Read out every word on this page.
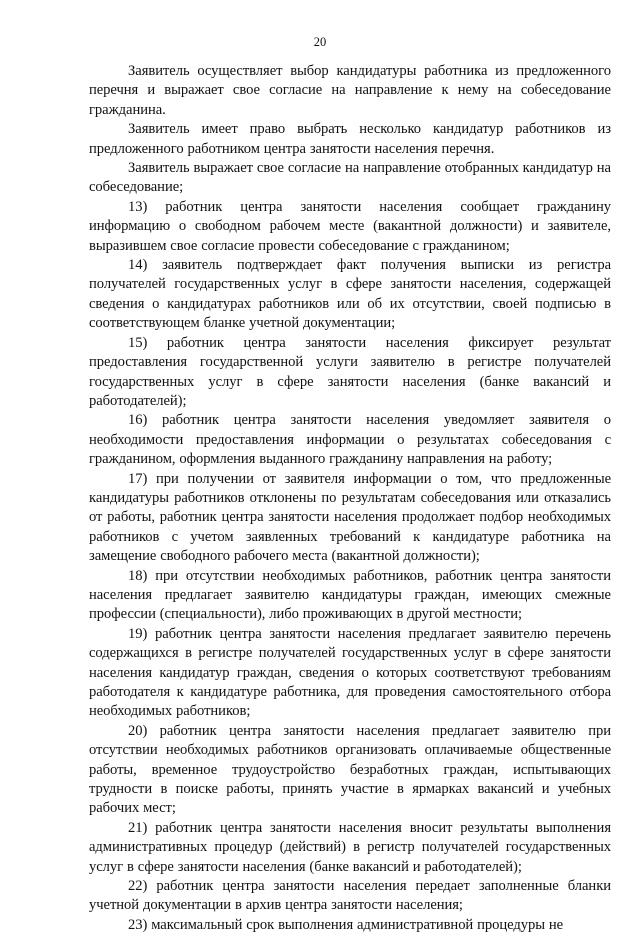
20

Заявитель осуществляет выбор кандидатуры работника из предложенного перечня и выражает свое согласие на направление к нему на собеседование гражданина.

Заявитель имеет право выбрать несколько кандидатур работников из предложенного работником центра занятости населения перечня.

Заявитель выражает свое согласие на направление отобранных кандидатур на собеседование;

13) работник центра занятости населения сообщает гражданину информацию о свободном рабочем месте (вакантной должности) и заявителе, выразившем свое согласие провести собеседование с гражданином;

14) заявитель подтверждает факт получения выписки из регистра получателей государственных услуг в сфере занятости населения, содержащей сведения о кандидатурах работников или об их отсутствии, своей подписью в соответствующем бланке учетной документации;

15) работник центра занятости населения фиксирует результат предоставления государственной услуги заявителю в регистре получателей государственных услуг в сфере занятости населения (банке вакансий и работодателей);

16) работник центра занятости населения уведомляет заявителя о необходимости предоставления информации о результатах собеседования с гражданином, оформления выданного гражданину направления на работу;

17) при получении от заявителя информации о том, что предложенные кандидатуры работников отклонены по результатам собеседования или отказались от работы, работник центра занятости населения продолжает подбор необходимых работников с учетом заявленных требований к кандидатуре работника на замещение свободного рабочего места (вакантной должности);

18) при отсутствии необходимых работников, работник центра занятости населения предлагает заявителю кандидатуры граждан, имеющих смежные профессии (специальности), либо проживающих в другой местности;

19) работник центра занятости населения предлагает заявителю перечень содержащихся в регистре получателей государственных услуг в сфере занятости населения кандидатур граждан, сведения о которых соответствуют требованиям работодателя к кандидатуре работника, для проведения самостоятельного отбора необходимых работников;

20) работник центра занятости населения предлагает заявителю при отсутствии необходимых работников организовать оплачиваемые общественные работы, временное трудоустройство безработных граждан, испытывающих трудности в поиске работы, принять участие в ярмарках вакансий и учебных рабочих мест;

21) работник центра занятости населения вносит результаты выполнения административных процедур (действий) в регистр получателей государственных услуг в сфере занятости населения (банке вакансий и работодателей);

22) работник центра занятости населения передает заполненные бланки учетной документации в архив центра занятости населения;

23) максимальный срок выполнения административной процедуры не
